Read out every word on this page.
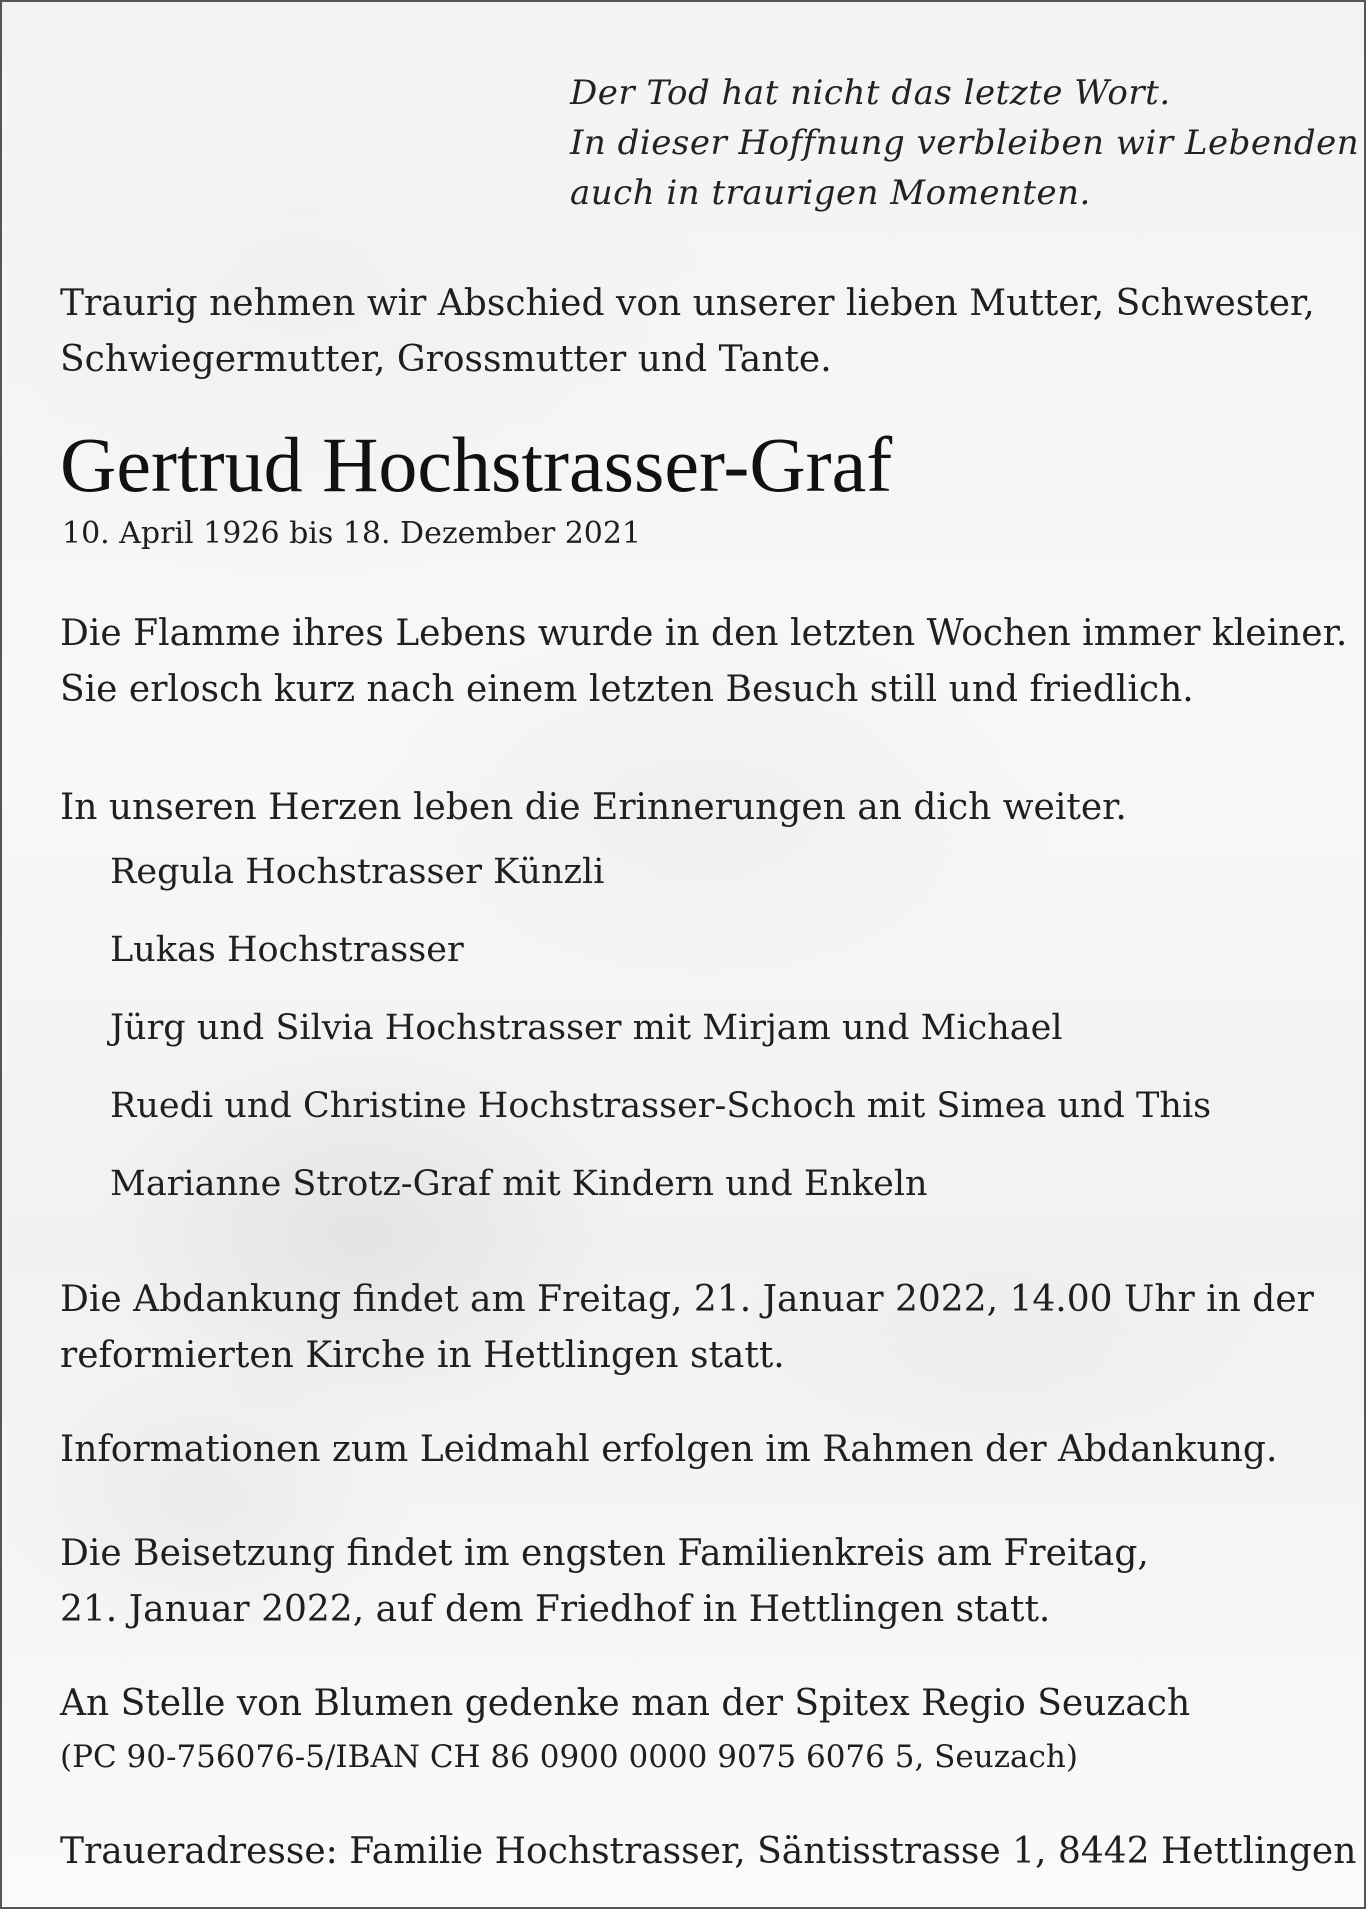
Der Tod hat nicht das letzte Wort.
In dieser Hoffnung verbleiben wir Lebenden
auch in traurigen Momenten.
Traurig nehmen wir Abschied von unserer lieben Mutter, Schwester,
Schwiegermutter, Grossmutter und Tante.
Gertrud Hochstrasser-Graf
10. April 1926 bis 18. Dezember 2021
Die Flamme ihres Lebens wurde in den letzten Wochen immer kleiner.
Sie erlosch kurz nach einem letzten Besuch still und friedlich.
In unseren Herzen leben die Erinnerungen an dich weiter.
Regula Hochstrasser Künzli
Lukas Hochstrasser
Jürg und Silvia Hochstrasser mit Mirjam und Michael
Ruedi und Christine Hochstrasser-Schoch mit Simea und This
Marianne Strotz-Graf mit Kindern und Enkeln
Die Abdankung findet am Freitag, 21. Januar 2022, 14.00 Uhr in der
reformierten Kirche in Hettlingen statt.
Informationen zum Leidmahl erfolgen im Rahmen der Abdankung.
Die Beisetzung findet im engsten Familienkreis am Freitag,
21. Januar 2022, auf dem Friedhof in Hettlingen statt.
An Stelle von Blumen gedenke man der Spitex Regio Seuzach
(PC 90-756076-5/IBAN CH 86 0900 0000 9075 6076 5, Seuzach)
Traueradresse: Familie Hochstrasser, Säntisstrasse 1, 8442 Hettlingen
